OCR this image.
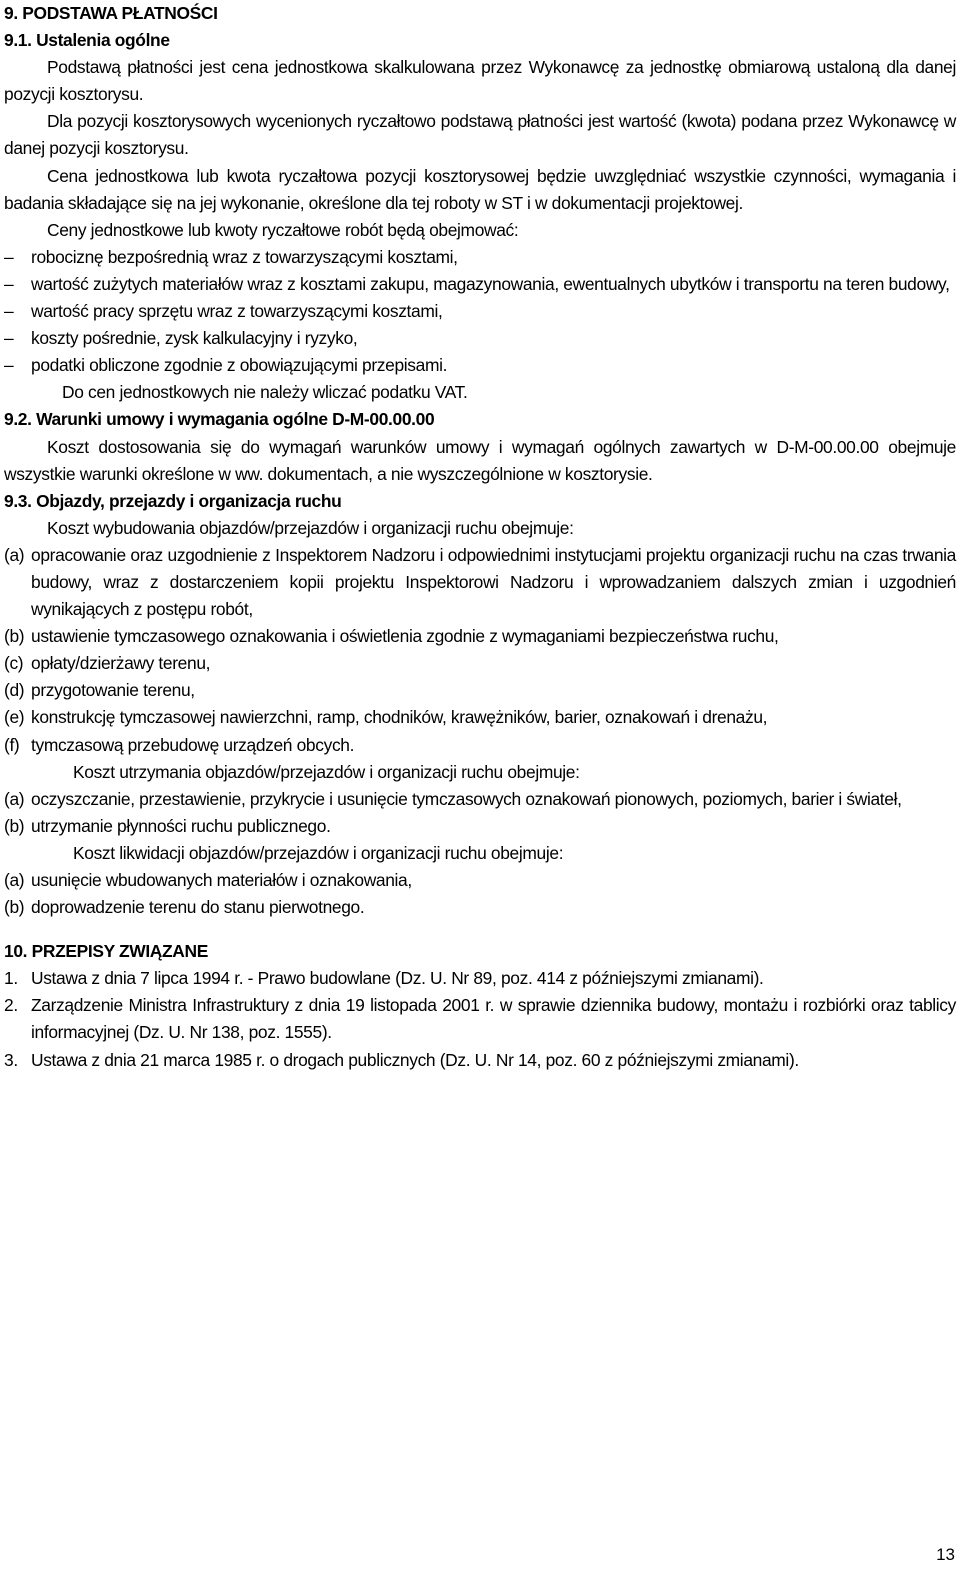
9. PODSTAWA PŁATNOŚCI

9.1. Ustalenia ogólne

Podstawą płatności jest cena jednostkowa skalkulowana przez Wykonawcę za jednostkę obmiarową ustaloną dla danej pozycji kosztorysu.

Dla pozycji kosztorysowych wycenionych ryczałtowo podstawą płatności jest wartość (kwota) podana przez Wykonawcę w danej pozycji kosztorysu.

Cena jednostkowa lub kwota ryczałtowa pozycji kosztorysowej będzie uwzględniać wszystkie czynności, wymagania i badania składające się na jej wykonanie, określone dla tej roboty w ST i w dokumentacji projektowej.

Ceny jednostkowe lub kwoty ryczałtowe robót będą obejmować:

– robociznę bezpośrednią wraz z towarzyszącymi kosztami,
– wartość zużytych materiałów wraz z kosztami zakupu, magazynowania, ewentualnych ubytków i transportu na teren budowy,
– wartość pracy sprzętu wraz z towarzyszącymi kosztami,
– koszty pośrednie, zysk kalkulacyjny i ryzyko,
– podatki obliczone zgodnie z obowiązującymi przepisami.

Do cen jednostkowych nie należy wliczać podatku VAT.

9.2. Warunki umowy i wymagania ogólne D-M-00.00.00

Koszt dostosowania się do wymagań warunków umowy i wymagań ogólnych zawartych w D-M-00.00.00 obejmuje wszystkie warunki określone w ww. dokumentach, a nie wyszczególnione w kosztorysie.

9.3. Objazdy, przejazdy i organizacja ruchu

Koszt wybudowania objazdów/przejazdów i organizacji ruchu obejmuje:

(a) opracowanie oraz uzgodnienie z Inspektorem Nadzoru i odpowiednimi instytucjami projektu organizacji ruchu na czas trwania budowy, wraz z dostarczeniem kopii projektu Inspektorowi Nadzoru i wprowadzaniem dalszych zmian i uzgodnień wynikających z postępu robót,
(b) ustawienie tymczasowego oznakowania i oświetlenia zgodnie z wymaganiami bezpieczeństwa ruchu,
(c) opłaty/dzierżawy terenu,
(d) przygotowanie terenu,
(e) konstrukcję tymczasowej nawierzchni, ramp, chodników, krawężników, barier, oznakowań i drenażu,
(f) tymczasową przebudowę urządzeń obcych.

Koszt utrzymania objazdów/przejazdów i organizacji ruchu obejmuje:

(a) oczyszczanie, przestawienie, przykrycie i usunięcie tymczasowych oznakowań pionowych, poziomych, barier i świateł,
(b) utrzymanie płynności ruchu publicznego.

Koszt likwidacji objazdów/przejazdów i organizacji ruchu obejmuje:

(a) usunięcie wbudowanych materiałów i oznakowania,
(b) doprowadzenie terenu do stanu pierwotnego.

10. PRZEPISY ZWIĄZANE

1. Ustawa z dnia 7 lipca 1994 r. - Prawo budowlane (Dz. U. Nr 89, poz. 414 z późniejszymi zmianami).
2. Zarządzenie Ministra Infrastruktury z dnia 19 listopada 2001 r. w sprawie dziennika budowy, montażu i rozbiórki oraz tablicy informacyjnej (Dz. U. Nr 138, poz. 1555).
3. Ustawa z dnia 21 marca 1985 r. o drogach publicznych (Dz. U. Nr 14, poz. 60 z późniejszymi zmianami).
13
